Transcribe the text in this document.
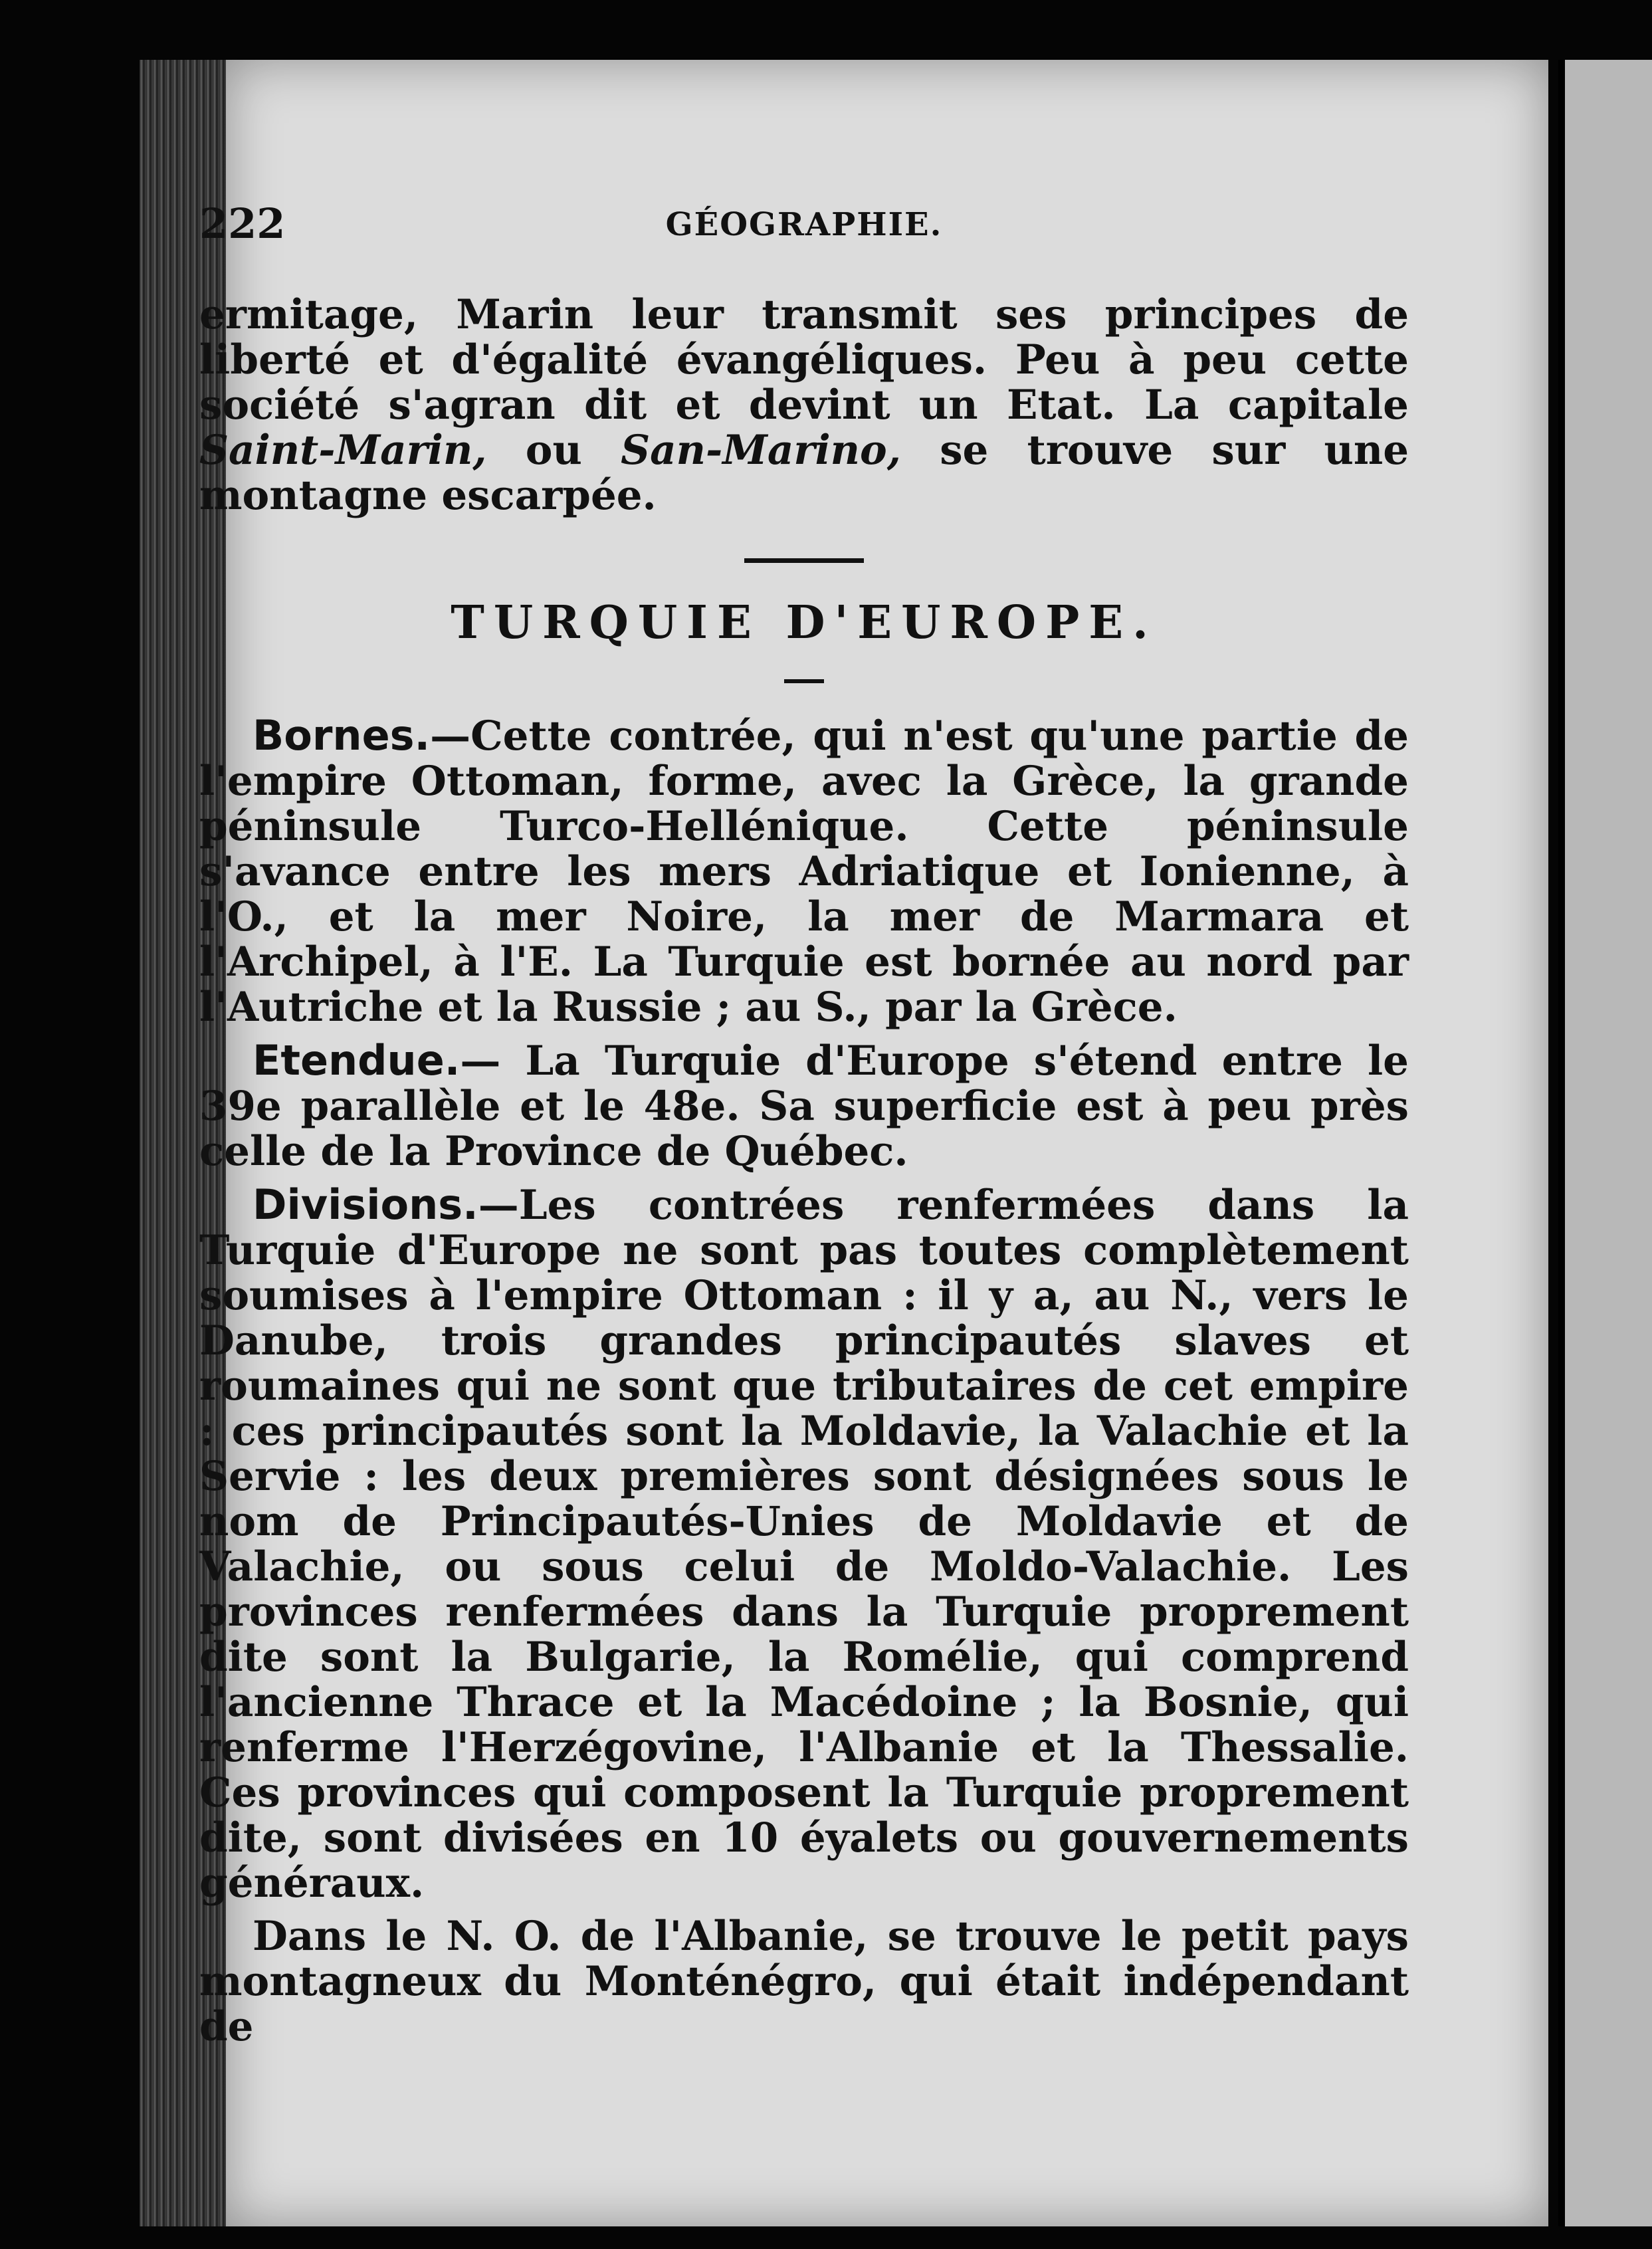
222	GÉOGRAPHIE.

ermitage, Marin leur transmit ses principes de liberté et d'égalité évangéliques. Peu à peu cette société s'agran dit et devint un Etat. La capitale Saint-Marin, ou San-Marino, se trouve sur une montagne escarpée.

TURQUIE D'EUROPE.

Bornes.—Cette contrée, qui n'est qu'une partie de l'empire Ottoman, forme, avec la Grèce, la grande péninsule Turco-Hellénique. Cette péninsule s'avance entre les mers Adriatique et Ionienne, à l'O., et la mer Noire, la mer de Marmara et l'Archipel, à l'E. La Turquie est bornée au nord par l'Autriche et la Russie ; au S., par la Grèce.

Etendue.— La Turquie d'Europe s'étend entre le 39e parallèle et le 48e. Sa superficie est à peu près celle de la Province de Québec.

Divisions.—Les contrées renfermées dans la Turquie d'Europe ne sont pas toutes complètement soumises à l'empire Ottoman : il y a, au N., vers le Danube, trois grandes principautés slaves et roumaines qui ne sont que tributaires de cet empire : ces principautés sont la Moldavie, la Valachie et la Servie : les deux premières sont désignées sous le nom de Principautés-Unies de Moldavie et de Valachie, ou sous celui de Moldo-Valachie. Les provinces renfermées dans la Turquie proprement dite sont la Bulgarie, la Romélie, qui comprend l'ancienne Thrace et la Macédoine ; la Bosnie, qui renferme l'Herzégovine, l'Albanie et la Thessalie. Ces provinces qui composent la Turquie proprement dite, sont divisées en 10 éyalets ou gouvernements généraux.

Dans le N. O. de l'Albanie, se trouve le petit pays montagneux du Monténégro, qui était indépendant de
